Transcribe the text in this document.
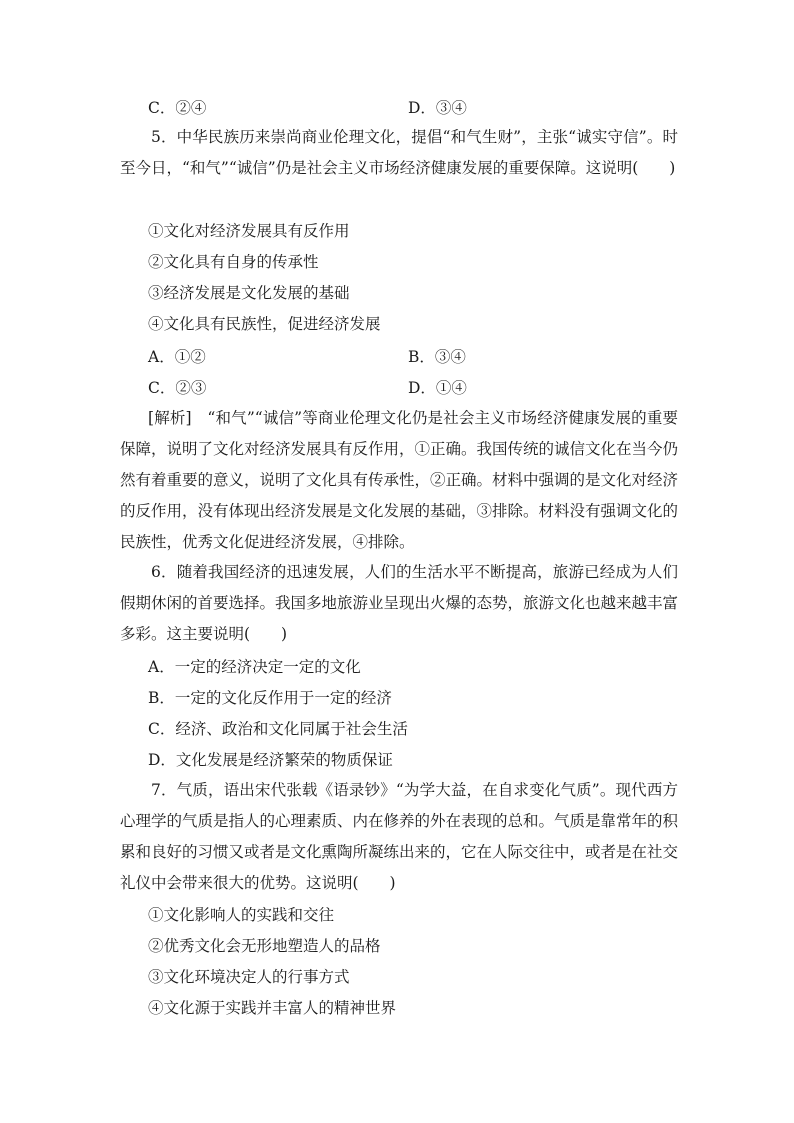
C．②④	D．③④
5．中华民族历来崇尚商业伦理文化，提倡“和气生财”，主张“诚实守信”。时至今日，“和气”“诚信”仍是社会主义市场经济健康发展的重要保障。这说明(　　)
①文化对经济发展具有反作用
②文化具有自身的传承性
③经济发展是文化发展的基础
④文化具有民族性，促进经济发展
A．①②	B．③④
C．②③	D．①④
[解析]　“和气”“诚信”等商业伦理文化仍是社会主义市场经济健康发展的重要保障，说明了文化对经济发展具有反作用，①正确。我国传统的诚信文化在当今仍然有着重要的意义，说明了文化具有传承性，②正确。材料中强调的是文化对经济的反作用，没有体现出经济发展是文化发展的基础，③排除。材料没有强调文化的民族性，优秀文化促进经济发展，④排除。
6．随着我国经济的迅速发展，人们的生活水平不断提高，旅游已经成为人们假期休闲的首要选择。我国多地旅游业呈现出火爆的态势，旅游文化也越来越丰富多彩。这主要说明(　　)
A．一定的经济决定一定的文化
B．一定的文化反作用于一定的经济
C．经济、政治和文化同属于社会生活
D．文化发展是经济繁荣的物质保证
7．气质，语出宋代张载《语录钞》“为学大益，在自求变化气质”。现代西方心理学的气质是指人的心理素质、内在修养的外在表现的总和。气质是靠常年的积累和良好的习惯又或者是文化熏陶所凝练出来的，它在人际交往中，或者是在社交礼仪中会带来很大的优势。这说明(　　)
①文化影响人的实践和交往
②优秀文化会无形地塑造人的品格
③文化环境决定人的行事方式
④文化源于实践并丰富人的精神世界
